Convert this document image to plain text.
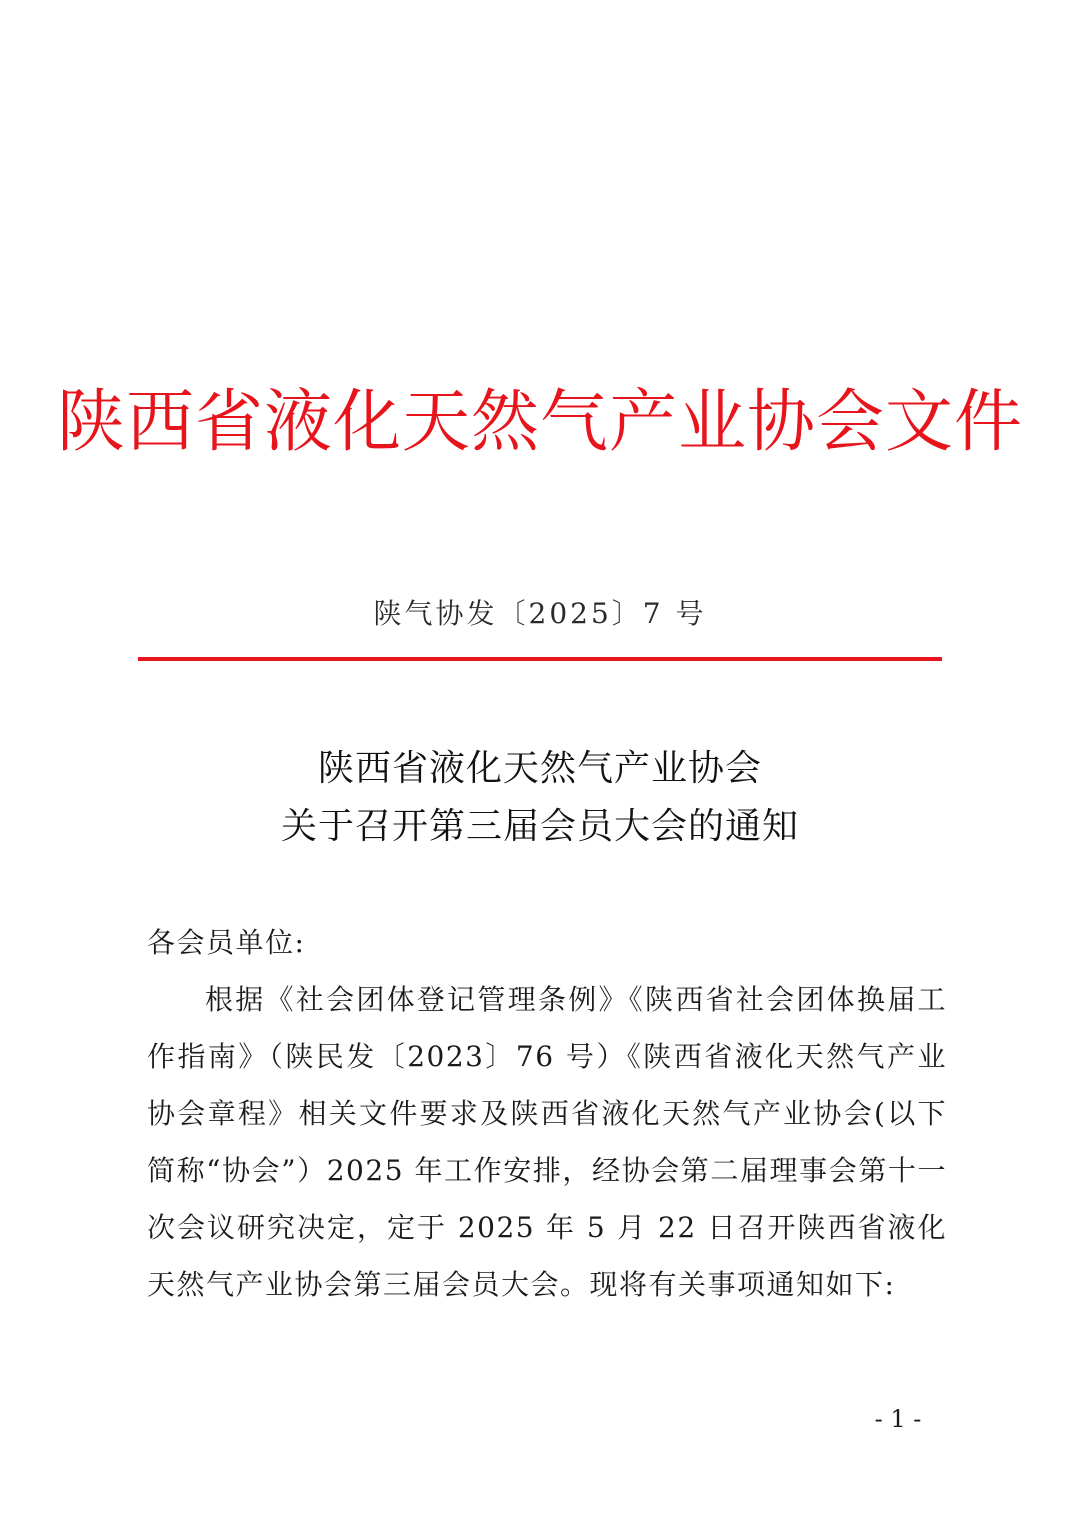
陕西省液化天然气产业协会文件
陕气协发〔2025〕7 号
陕西省液化天然气产业协会
关于召开第三届会员大会的通知

各会员单位:

根据《社会团体登记管理条例》《陕西省社会团体换届工作指南》（陕民发〔2023〕76 号）《陕西省液化天然气产业协会章程》相关文件要求及陕西省液化天然气产业协会(以下简称“协会”）2025 年工作安排，经协会第二届理事会第十一次会议研究决定，定于 2025 年 5 月 22 日召开陕西省液化天然气产业协会第三届会员大会。现将有关事项通知如下:

- 1 -
